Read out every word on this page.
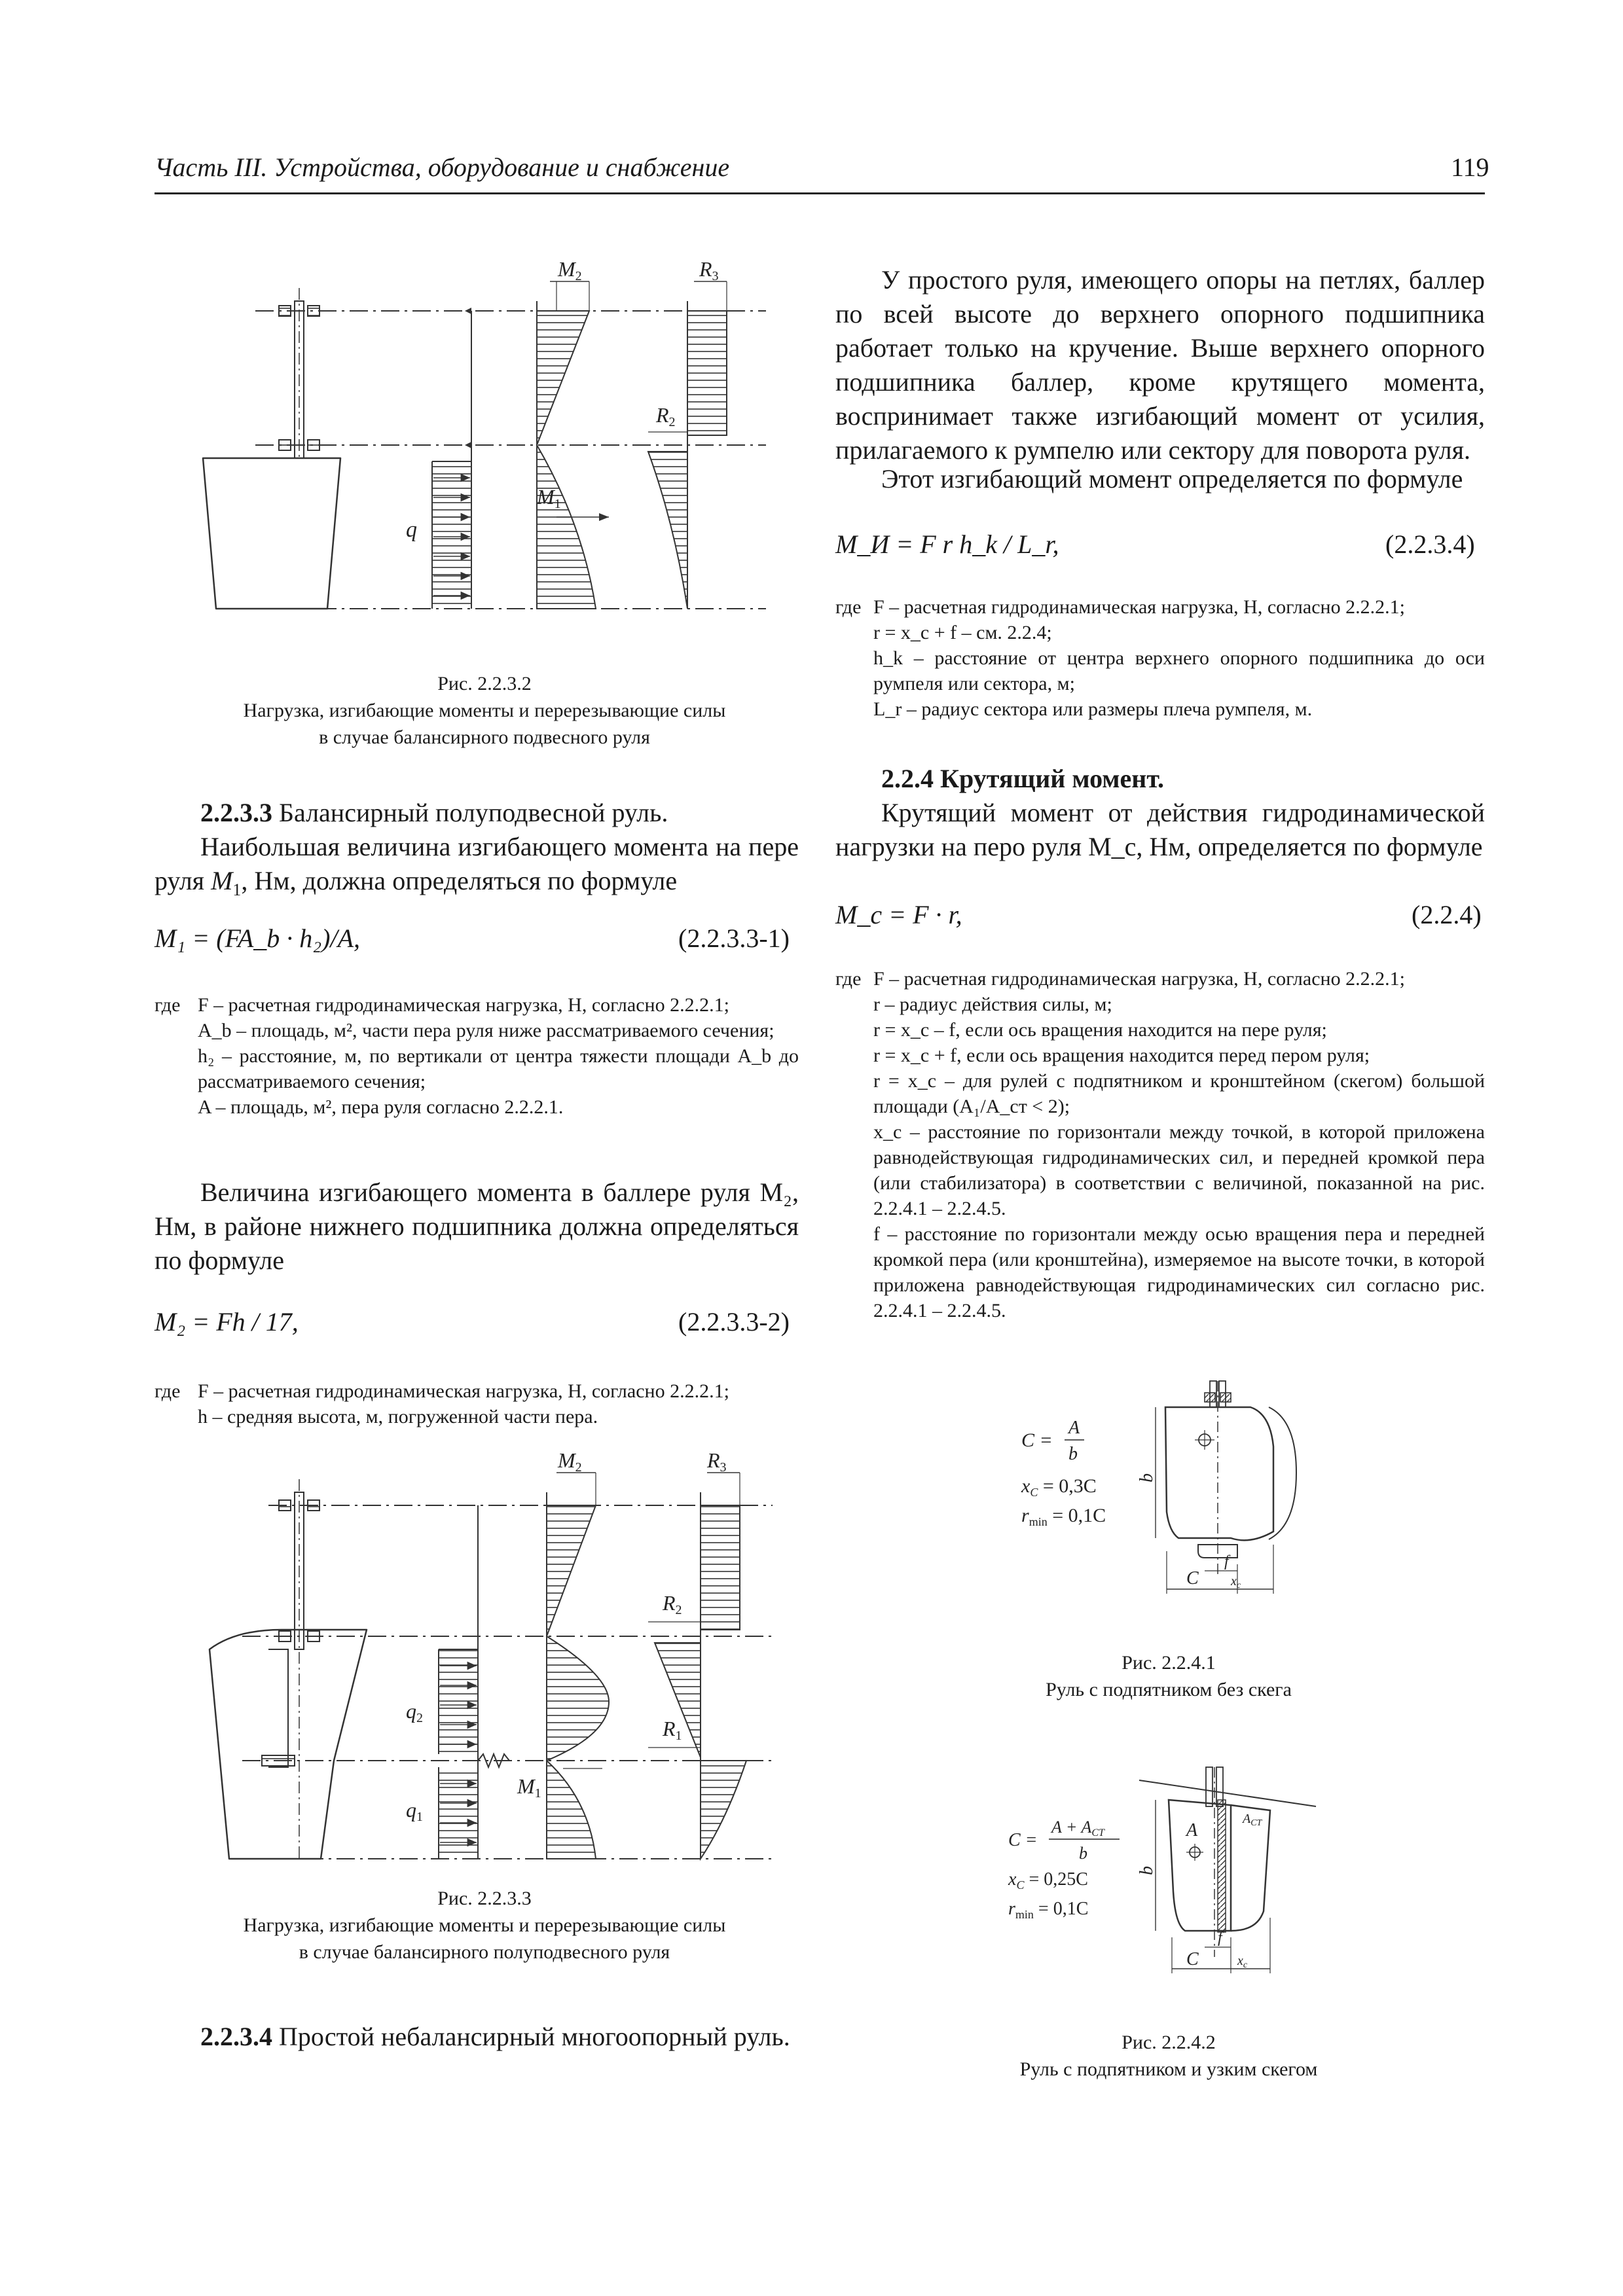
Часть III. Устройства, оборудование и снабжение	119
q
M2
M1
R3
R2
Рис. 2.2.3.2
Нагрузка, изгибающие моменты и перерезывающие силы
в случае балансирного подвесного руля

2.2.3.3 Балансирный полуподвесной руль.

Наибольшая величина изгибающего момента на пере руля $M_1$, Нм, должна определяться по формуле

M₁ = (FA_b · h₂)/A,	(2.2.3.3-1)
где F – расчетная гидродинамическая нагрузка, Н, согласно 2.2.2.1;
A_b – площадь, м², части пера руля ниже рассматриваемого сечения;
h₂ – расстояние, м, по вертикали от центра тяжести площади A_b до рассматриваемого сечения;
A – площадь, м², пера руля согласно 2.2.2.1.
Величина изгибающего момента в баллере руля M₂, Нм, в районе нижнего подшипника должна определяться по формуле
M₂ = Fh / 17,	(2.2.3.3-2)
где F – расчетная гидродинамическая нагрузка, Н, согласно 2.2.2.1;
h – средняя высота, м, погруженной части пера.
q2
q1
M2
M1
R3
R2
R1
Рис. 2.2.3.3
Нагрузка, изгибающие моменты и перерезывающие силы
в случае балансирного полуподвесного руля
2.2.3.4 Простой небалансирный многоопорный руль.
У простого руля, имеющего опоры на петлях, баллер по всей высоте до верхнего опорного подшипника работает только на кручение. Выше верхнего опорного подшипника баллер, кроме крутящего момента, воспринимает также изгибающий момент от усилия, прилагаемого к румпелю или сектору для поворота руля.
Этот изгибающий момент определяется по формуле
M_И = F r h_k / L_r,	(2.2.3.4)
где F – расчетная гидродинамическая нагрузка, Н, согласно 2.2.2.1;
r = x_c + f – см. 2.2.4;
h_k – расстояние от центра верхнего опорного подшипника до оси румпеля или сектора, м;
L_r – радиус сектора или размеры плеча румпеля, м.

2.2.4 Крутящий момент.

Крутящий момент от действия гидродинамической нагрузки на перо руля M_c, Нм, определяется по формуле

M_c = F · r,	(2.2.4)
где F – расчетная гидродинамическая нагрузка, Н, согласно 2.2.2.1;
r – радиус действия силы, м;
r = x_c – f, если ось вращения находится на пере руля;
r = x_c + f, если ось вращения находится перед пером руля;
r = x_c – для рулей с подпятником и кронштейном (скегом) большой площади (A₁/A_ст < 2);
x_c – расстояние по горизонтали между точкой, в которой приложена равнодействующая гидродинамических сил, и передней кромкой пера (или стабилизатора) в соответствии с величиной, показанной на рис. 2.2.4.1 – 2.2.4.5.
f – расстояние по горизонтали между осью вращения пера и передней кромкой пера (или кронштейна), измеряемое на высоте точки, в которой приложена равнодействующая гидродинамических сил согласно рис. 2.2.4.1 – 2.2.4.5.
C =
A
b
$x_C = 0,3C$
$r_{min} = 0,1C$
b
C
f
$x_c$
Рис. 2.2.4.1
Руль с подпятником без скега
C =
A + ACT
b
$x_C = 0,25C$
$r_{min} = 0,1C$
A
$A_{CT}$
b
C
f
$x_c$
Рис. 2.2.4.2
Руль с подпятником и узким скегом
